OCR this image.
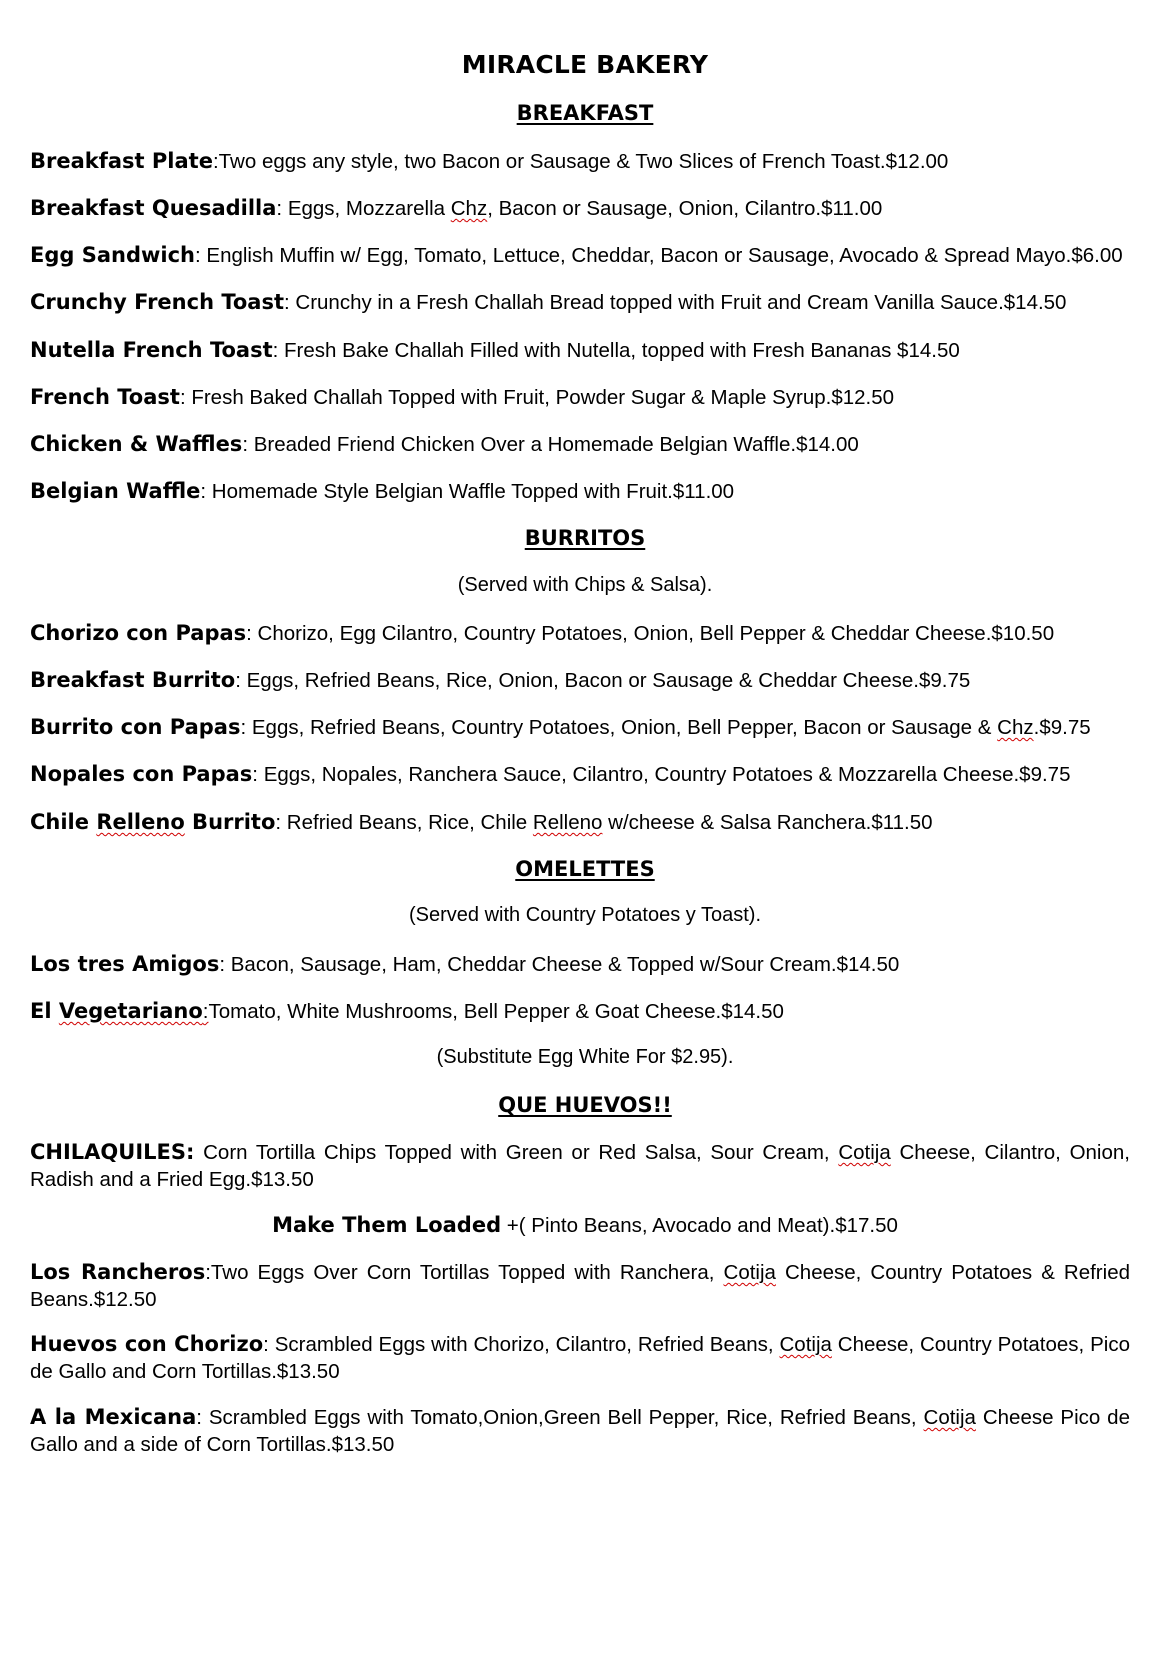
MIRACLE BAKERY
BREAKFAST
Breakfast Plate:Two eggs any style, two Bacon or Sausage & Two Slices of French Toast.$12.00
Breakfast Quesadilla: Eggs, Mozzarella Chz, Bacon or Sausage, Onion, Cilantro.$11.00
Egg Sandwich: English Muffin w/ Egg, Tomato, Lettuce, Cheddar, Bacon or Sausage, Avocado & Spread Mayo.$6.00
Crunchy French Toast: Crunchy in a Fresh Challah Bread topped with Fruit and Cream Vanilla Sauce.$14.50
Nutella French Toast: Fresh Bake Challah Filled with Nutella, topped with Fresh Bananas $14.50
French Toast: Fresh Baked Challah Topped with Fruit, Powder Sugar & Maple Syrup.$12.50
Chicken & Waffles: Breaded Friend Chicken Over a Homemade Belgian Waffle.$14.00
Belgian Waffle: Homemade Style Belgian Waffle Topped with Fruit.$11.00
BURRITOS
(Served with Chips & Salsa).
Chorizo con Papas: Chorizo, Egg Cilantro, Country Potatoes, Onion, Bell Pepper & Cheddar Cheese.$10.50
Breakfast Burrito: Eggs, Refried Beans, Rice, Onion, Bacon or Sausage & Cheddar Cheese.$9.75
Burrito con Papas: Eggs, Refried Beans, Country Potatoes, Onion, Bell Pepper, Bacon or Sausage & Chz.$9.75
Nopales con Papas: Eggs, Nopales, Ranchera Sauce, Cilantro, Country Potatoes & Mozzarella Cheese.$9.75
Chile Relleno Burrito: Refried Beans, Rice, Chile Relleno w/cheese & Salsa Ranchera.$11.50
OMELETTES
(Served with Country Potatoes y Toast).
Los tres Amigos: Bacon, Sausage, Ham, Cheddar Cheese & Topped w/Sour Cream.$14.50
El Vegetariano:Tomato, White Mushrooms, Bell Pepper & Goat Cheese.$14.50
(Substitute Egg White For $2.95).
QUE HUEVOS!!
CHILAQUILES: Corn Tortilla Chips Topped with Green or Red Salsa, Sour Cream, Cotija Cheese, Cilantro, Onion, Radish and a Fried Egg.$13.50
Make Them Loaded +( Pinto Beans, Avocado and Meat).$17.50
Los Rancheros:Two Eggs Over Corn Tortillas Topped with Ranchera, Cotija Cheese, Country Potatoes & Refried Beans.$12.50
Huevos con Chorizo: Scrambled Eggs with Chorizo, Cilantro, Refried Beans, Cotija Cheese, Country Potatoes, Pico de Gallo and Corn Tortillas.$13.50
A la Mexicana: Scrambled Eggs with Tomato,Onion,Green Bell Pepper, Rice, Refried Beans, Cotija Cheese Pico de Gallo and a side of Corn Tortillas.$13.50
